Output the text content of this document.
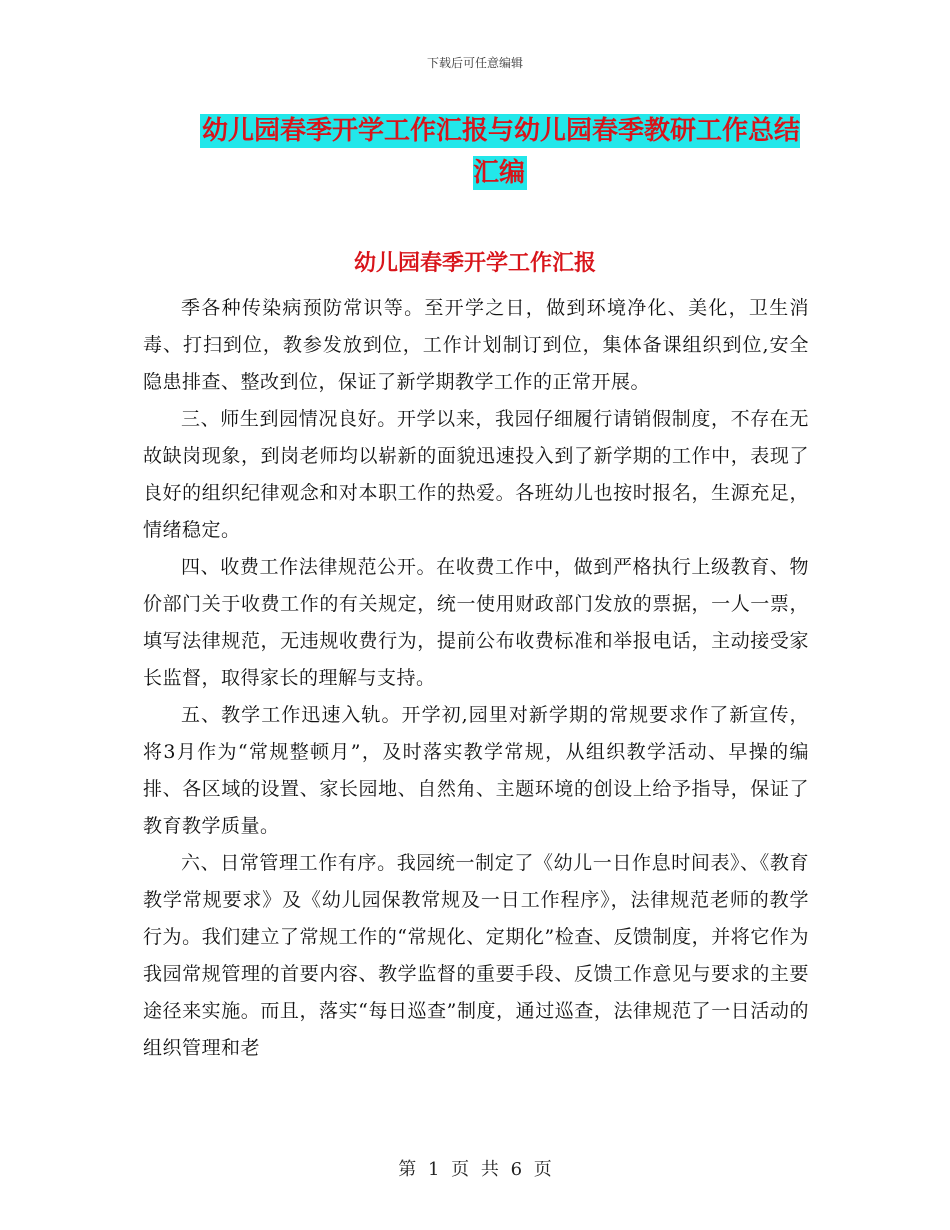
下载后可任意编辑
幼儿园春季开学工作汇报与幼儿园春季教研工作总结汇编
幼儿园春季开学工作汇报

季各种传染病预防常识等。至开学之日，做到环境净化、美化，卫生消毒、打扫到位，教参发放到位，工作计划制订到位，集体备课组织到位,安全隐患排查、整改到位，保证了新学期教学工作的正常开展。

三、师生到园情况良好。开学以来，我园仔细履行请销假制度，不存在无故缺岗现象，到岗老师均以崭新的面貌迅速投入到了新学期的工作中，表现了良好的组织纪律观念和对本职工作的热爱。各班幼儿也按时报名，生源充足，情绪稳定。

四、收费工作法律规范公开。在收费工作中，做到严格执行上级教育、物价部门关于收费工作的有关规定，统一使用财政部门发放的票据，一人一票，填写法律规范，无违规收费行为，提前公布收费标准和举报电话，主动接受家长监督，取得家长的理解与支持。

五、教学工作迅速入轨。开学初,园里对新学期的常规要求作了新宣传，将3月作为“常规整顿月”，及时落实教学常规，从组织教学活动、早操的编排、各区域的设置、家长园地、自然角、主题环境的创设上给予指导，保证了教育教学质量。

六、日常管理工作有序。我园统一制定了《幼儿一日作息时间表》、《教育教学常规要求》及《幼儿园保教常规及一日工作程序》，法律规范老师的教学行为。我们建立了常规工作的“常规化、定期化”检查、反馈制度，并将它作为我园常规管理的首要内容、教学监督的重要手段、反馈工作意见与要求的主要途径来实施。而且，落实“每日巡查”制度，通过巡查，法律规范了一日活动的组织管理和老

第 1 页 共 6 页
